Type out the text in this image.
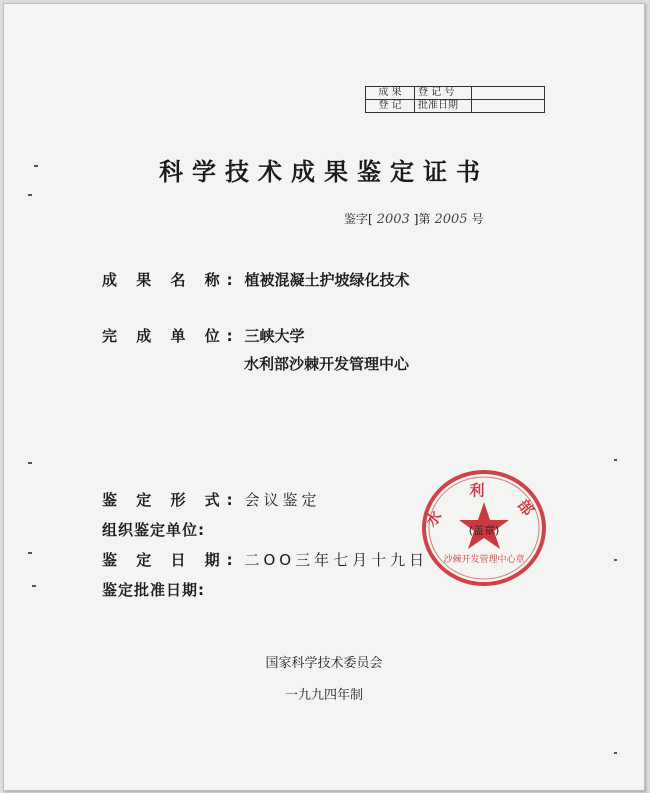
成 果	登 记 号	
登 记	批准日期	
科学技术成果鉴定证书
鉴字[ 2003 ]第 2005 号
成 果 名 称: 植被混凝土护坡绿化技术
完 成 单 位: 三峡大学
水利部沙棘开发管理中心
鉴 定 形 式: 会议鉴定
组织鉴定单位:
鉴 定 日 期: 二OO三年七月十九日
鉴定批准日期:
国家科学技术委员会
一九九四年制
水 利 部
(盖章)
沙棘开发管理中心章
